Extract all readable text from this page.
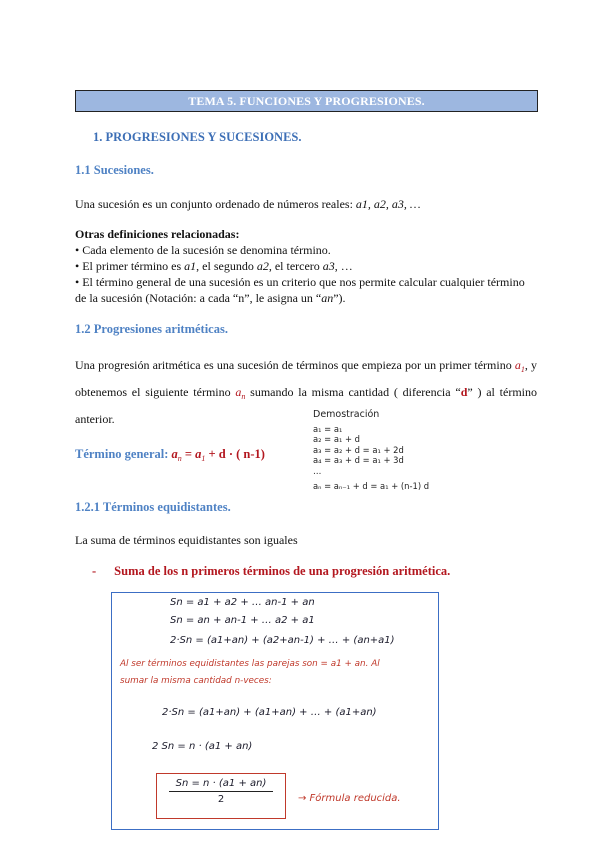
TEMA 5. FUNCIONES Y PROGRESIONES.
1. PROGRESIONES Y SUCESIONES.
1.1 Sucesiones.
Una sucesión es un conjunto ordenado de números reales: a1, a2, a3, …
Otras definiciones relacionadas:
• Cada elemento de la sucesión se denomina término.
• El primer término es a1, el segundo a2, el tercero a3, …
• El término general de una sucesión es un criterio que nos permite calcular cualquier término de la sucesión (Notación: a cada “n”, le asigna un “an”).
1.2 Progresiones aritméticas.
Una progresión aritmética es una sucesión de términos que empieza por un primer término $a_1$, y obtenemos el siguiente término $a_n$ sumando la misma cantidad ( diferencia “d” ) al término anterior.
Término general: $a_n = a_1 + d$ · ( n-1)
Demostración
a₁ = a₁
a₂ = a₁ + d
a₃ = a₂ + d = a₁ + 2d
a₄ = a₃ + d = a₁ + 3d
…
aₙ = aₙ₋₁ + d = a₁ + (n-1) d
1.2.1 Términos equidistantes.
La suma de términos equidistantes son iguales
- Suma de los n primeros términos de una progresión aritmética.
Sn = a1 + a2 + … an-1 + an
Sn = an + an-1 + … a2 + a1
2·Sn = (a1+an) + (a2+an-1) + … + (an+a1)
Al ser términos equidistantes las parejas son = a1 + an. Al
sumar la misma cantidad n-veces:
2·Sn = (a1+an) + (a1+an) + … + (a1+an)
2 Sn = n · (a1 + an)
Sn = n · (a1 + an)
2	→ Fórmula reducida.
